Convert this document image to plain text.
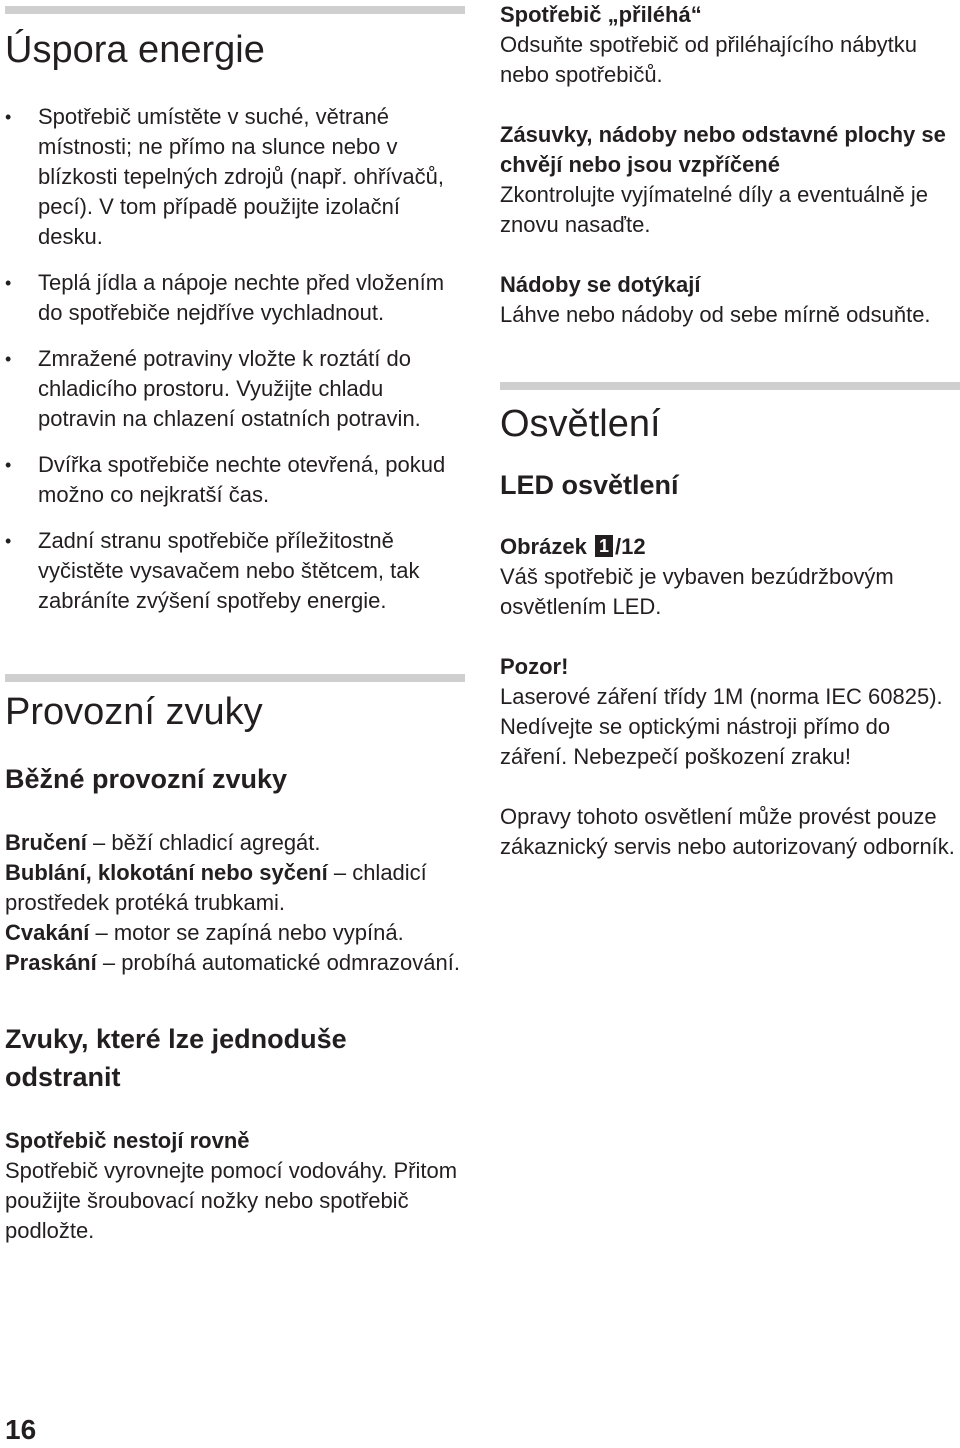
Úspora energie
• Spotřebič umístěte v suché, větrané místnosti; ne přímo na slunce nebo v blízkosti tepelných zdrojů (např. ohřívačů, pecí). V tom případě použijte izolační desku.
• Teplá jídla a nápoje nechte před vložením do spotřebiče nejdříve vychladnout.
• Zmražené potraviny vložte k roztátí do chladicího prostoru. Využijte chladu potravin na chlazení ostatních potravin.
• Dvířka spotřebiče nechte otevřená, pokud možno co nejkratší čas.
• Zadní stranu spotřebiče příležitostně vyčistěte vysavačem nebo štětcem, tak zabráníte zvýšení spotřeby energie.
Provozní zvuky
Běžné provozní zvuky

Bručení – běží chladicí agregát.

Bublání, klokotání nebo syčení – chladicí prostředek protéká trubkami.

Cvakání – motor se zapíná nebo vypíná.

Praskání – probíhá automatické odmrazování.

Zvuky, které lze jednoduše odstranit

Spotřebič nestojí rovně

Spotřebič vyrovnejte pomocí vodováhy. Přitom použijte šroubovací nožky nebo spotřebič podložte.

Spotřebič „přiléhá“

Odsuňte spotřebič od přiléhajícího nábytku nebo spotřebičů.

Zásuvky, nádoby nebo odstavné plochy se chvějí nebo jsou vzpříčené

Zkontrolujte vyjímatelné díly a eventuálně je znovu nasaďte.

Nádoby se dotýkají

Láhve nebo nádoby od sebe mírně odsuňte.

Osvětlení
LED osvětlení

Obrázek 1 /12

Váš spotřebič je vybaven bezúdržbovým osvětlením LED.

Pozor!

Laserové záření třídy 1M (norma IEC 60825). Nedívejte se optickými nástroji přímo do záření. Nebezpečí poškození zraku!

Opravy tohoto osvětlení může provést pouze zákaznický servis nebo autorizovaný odborník.

16
